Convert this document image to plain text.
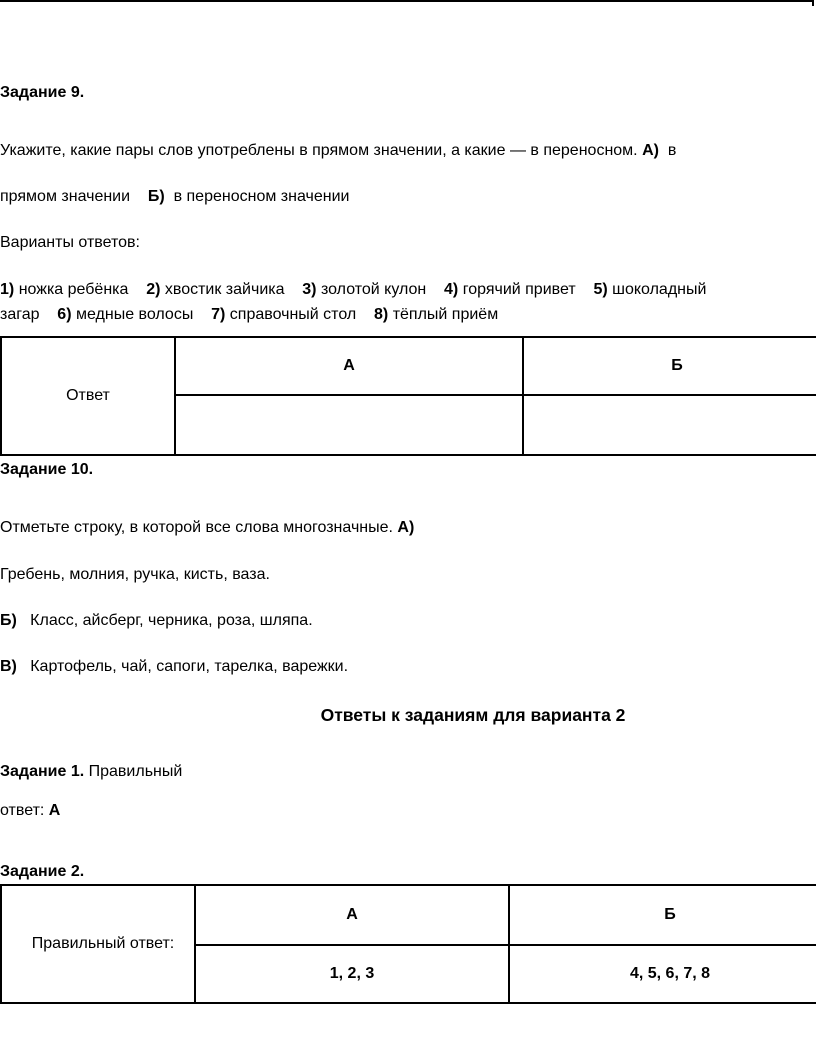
Задание 9.
Укажите, какие пары слов употреблены в прямом значении, а какие — в переносном. А) в
прямом значении Б) в переносном значении
Варианты ответов:
1) ножка ребёнка 2) хвостик зайчика 3) золотой кулон 4) горячий привет 5) шоколадный
загар 6) медные волосы 7) справочный стол 8) тёплый приём
Ответ	А	Б

Задание 10.
Отметьте строку, в которой все слова многозначные. А)
Гребень, молния, ручка, кисть, ваза.
Б) Класс, айсберг, черника, роза, шляпа.
В) Картофель, чай, сапоги, тарелка, варежки.
Ответы к заданиям для варианта 2
Задание 1. Правильный
ответ: А
Задание 2.
Правильный ответ:	А	Б
	1, 2, 3	4, 5, 6, 7, 8
